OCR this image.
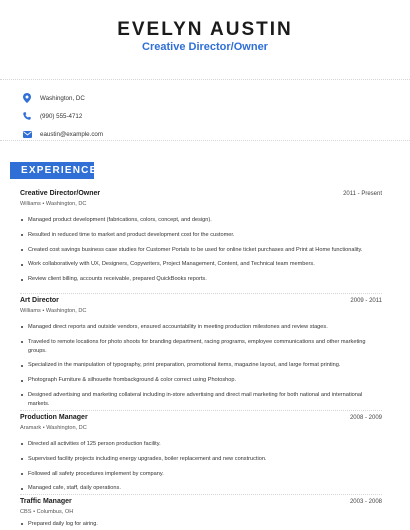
EVELYN AUSTIN
Creative Director/Owner
Washington, DC
(990) 555-4712
eaustin@example.com
EXPERIENCE
Creative Director/Owner	2011 - Present
Williams • Washington, DC
Managed product development (fabrications, colors, concept, and design).
Resulted in reduced time to market and product development cost for the customer.
Created cost savings business case studies for Customer Portals to be used for online ticket purchases and Print at Home functionality.
Work collaboratively with UX, Designers, Copywriters, Project Management, Content, and Technical team members.
Review client billing, accounts receivable, prepared QuickBooks reports.
Art Director	2009 - 2011
Williams • Washington, DC
Managed direct reports and outside vendors, ensured accountability in meeting production milestones and review stages.
Traveled to remote locations for photo shoots for branding department, racing programs, employee communications and other marketing groups.
Specialized in the manipulation of typography, print preparation, promotional items, magazine layout, and large format printing.
Photograph Furniture & silhouette frombackground & color correct using Photoshop.
Designed advertising and marketing collateral including in-store advertising and direct mail marketing for both national and international markets.
Production Manager	2008 - 2009
Aramark • Washington, DC
Directed all activities of 125 person production facility.
Supervised facility projects including energy upgrades, boiler replacement and new construction.
Followed all safety procedures implement by company.
Managed cafe, staff, daily operations.
Traffic Manager	2003 - 2008
CBS • Columbus, OH
Prepared daily log for airing.
